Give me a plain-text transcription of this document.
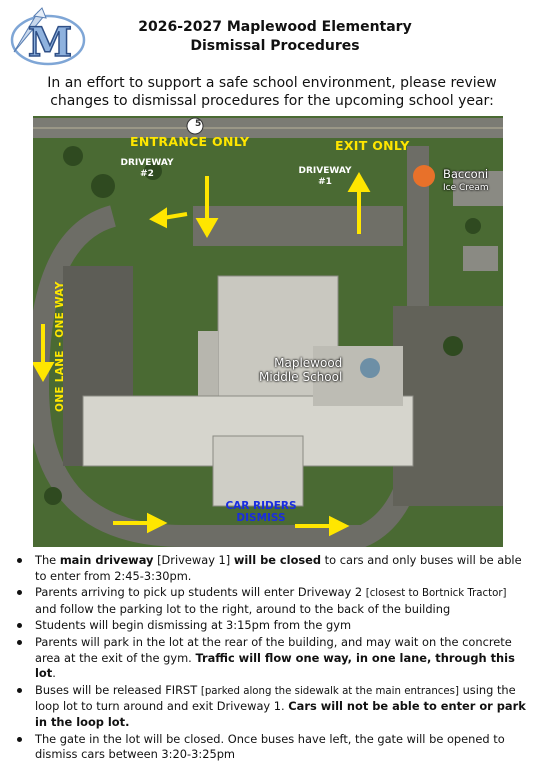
M	2026-2027 Maplewood Elementary
Dismissal Procedures
In an effort to support a safe school environment, please review changes to dismissal procedures for the upcoming school year:
5
ENTRANCE ONLY	EXIT ONLY
DRIVEWAY
#2	DRIVEWAY
#1
ONE LANE - ONE WAY	Maplewood
Middle School
Bacconi
Ice Cream
CAR RIDERS
DISMISS
The main driveway [Driveway 1] will be closed to cars and only buses will be able to enter from 2:45-3:30pm.
Parents arriving to pick up students will enter Driveway 2 [closest to Bortnick Tractor] and follow the parking lot to the right, around to the back of the building
Students will begin dismissing at 3:15pm from the gym
Parents will park in the lot at the rear of the building, and may wait on the concrete area at the exit of the gym. Traffic will flow one way, in one lane, through this lot.
Buses will be released FIRST [parked along the sidewalk at the main entrances] using the loop lot to turn around and exit Driveway 1. Cars will not be able to enter or park in the loop lot.
The gate in the lot will be closed. Once buses have left, the gate will be opened to dismiss cars between 3:20-3:25pm
